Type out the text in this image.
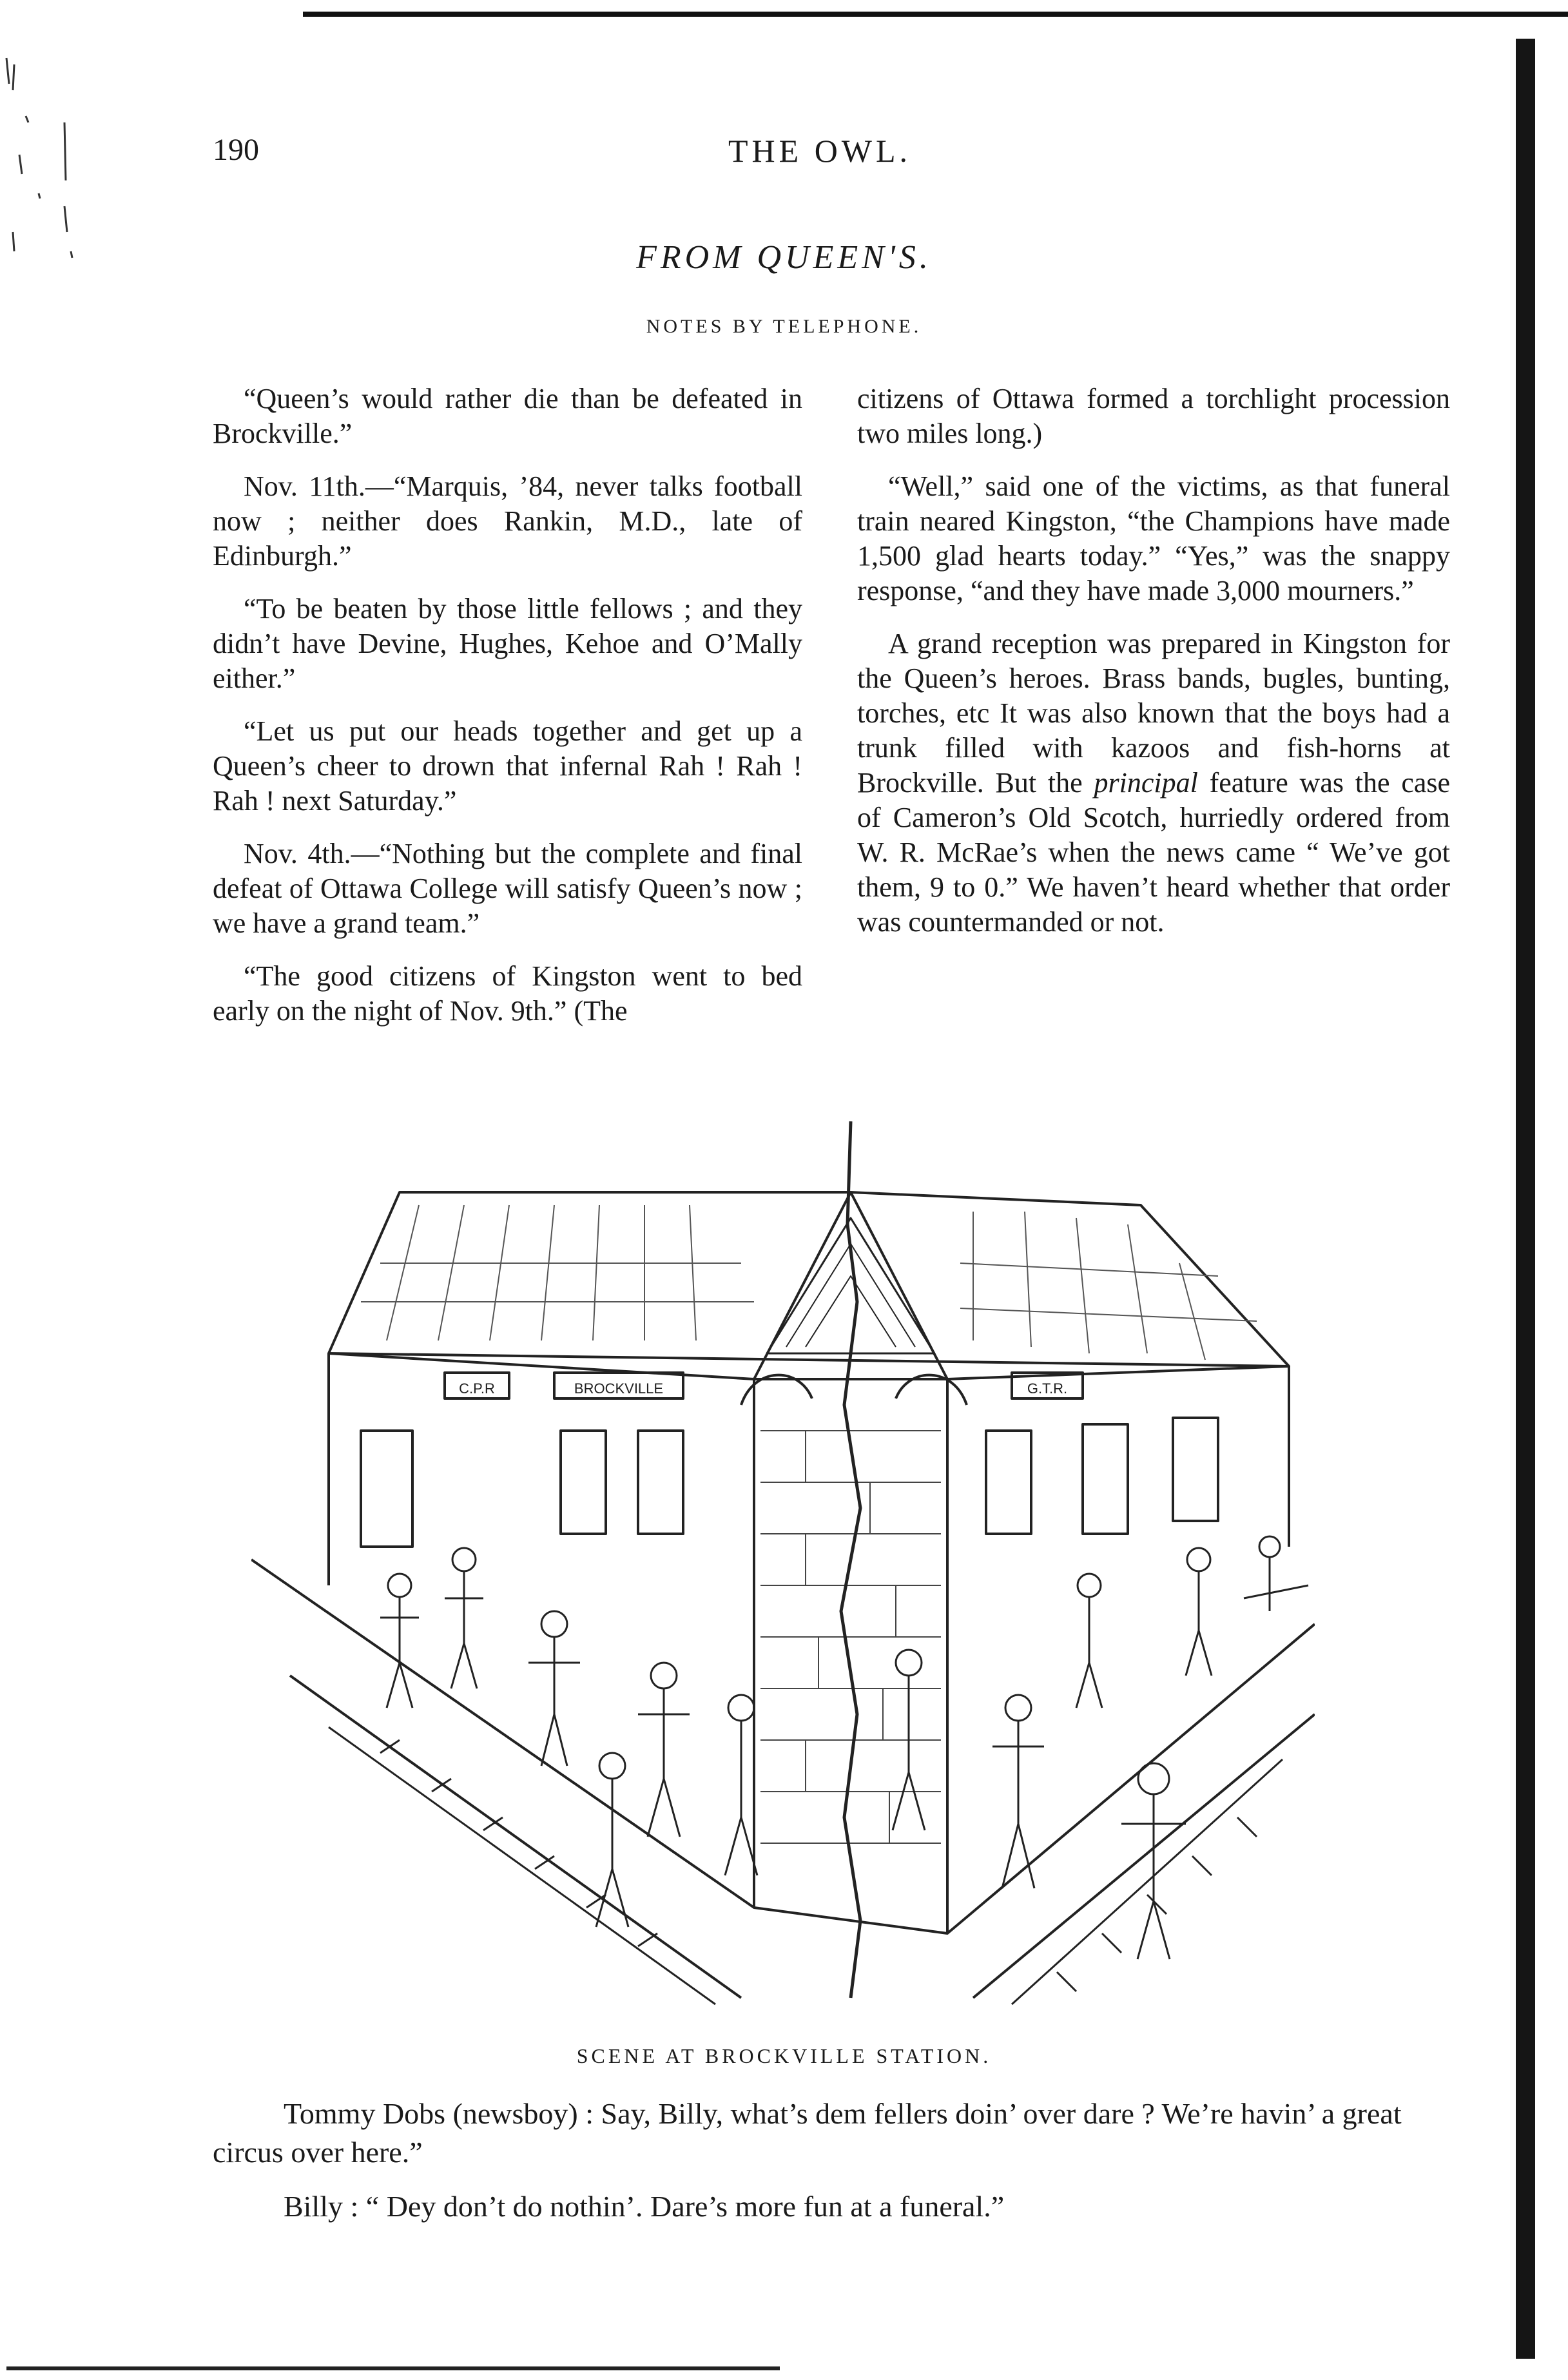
190	THE OWL.
FROM QUEEN'S.
NOTES BY TELEPHONE.

“Queen’s would rather die than be defeated in Brockville.”

Nov. 11th.—“Marquis, ’84, never talks football now ; neither does Rankin, M.D., late of Edinburgh.”

“To be beaten by those little fellows ; and they didn’t have Devine, Hughes, Kehoe and O’Mally either.”

“Let us put our heads together and get up a Queen’s cheer to drown that infernal Rah ! Rah ! Rah ! next Saturday.”

Nov. 4th.—“Nothing but the complete and final defeat of Ottawa College will satisfy Queen’s now ; we have a grand team.”

“The good citizens of Kingston went to bed early on the night of Nov. 9th.” (The

citizens of Ottawa formed a torchlight procession two miles long.)

“Well,” said one of the victims, as that funeral train neared Kingston, “the Champions have made 1,500 glad hearts today.” “Yes,” was the snappy response, “and they have made 3,000 mourners.”

A grand reception was prepared in Kingston for the Queen’s heroes. Brass bands, bugles, bunting, torches, etc It was also known that the boys had a trunk filled with kazoos and fish-horns at Brockville. But the principal feature was the case of Cameron’s Old Scotch, hurriedly ordered from W. R. McRae’s when the news came “ We’ve got them, 9 to 0.” We haven’t heard whether that order was countermanded or not.

C.P.R	BROCKVILLE	G.T.R.
SCENE AT BROCKVILLE STATION.

Tommy Dobs (newsboy) : Say, Billy, what’s dem fellers doin’ over dare ? We’re havin’ a great circus over here.”

Billy : “ Dey don’t do nothin’. Dare’s more fun at a funeral.”
